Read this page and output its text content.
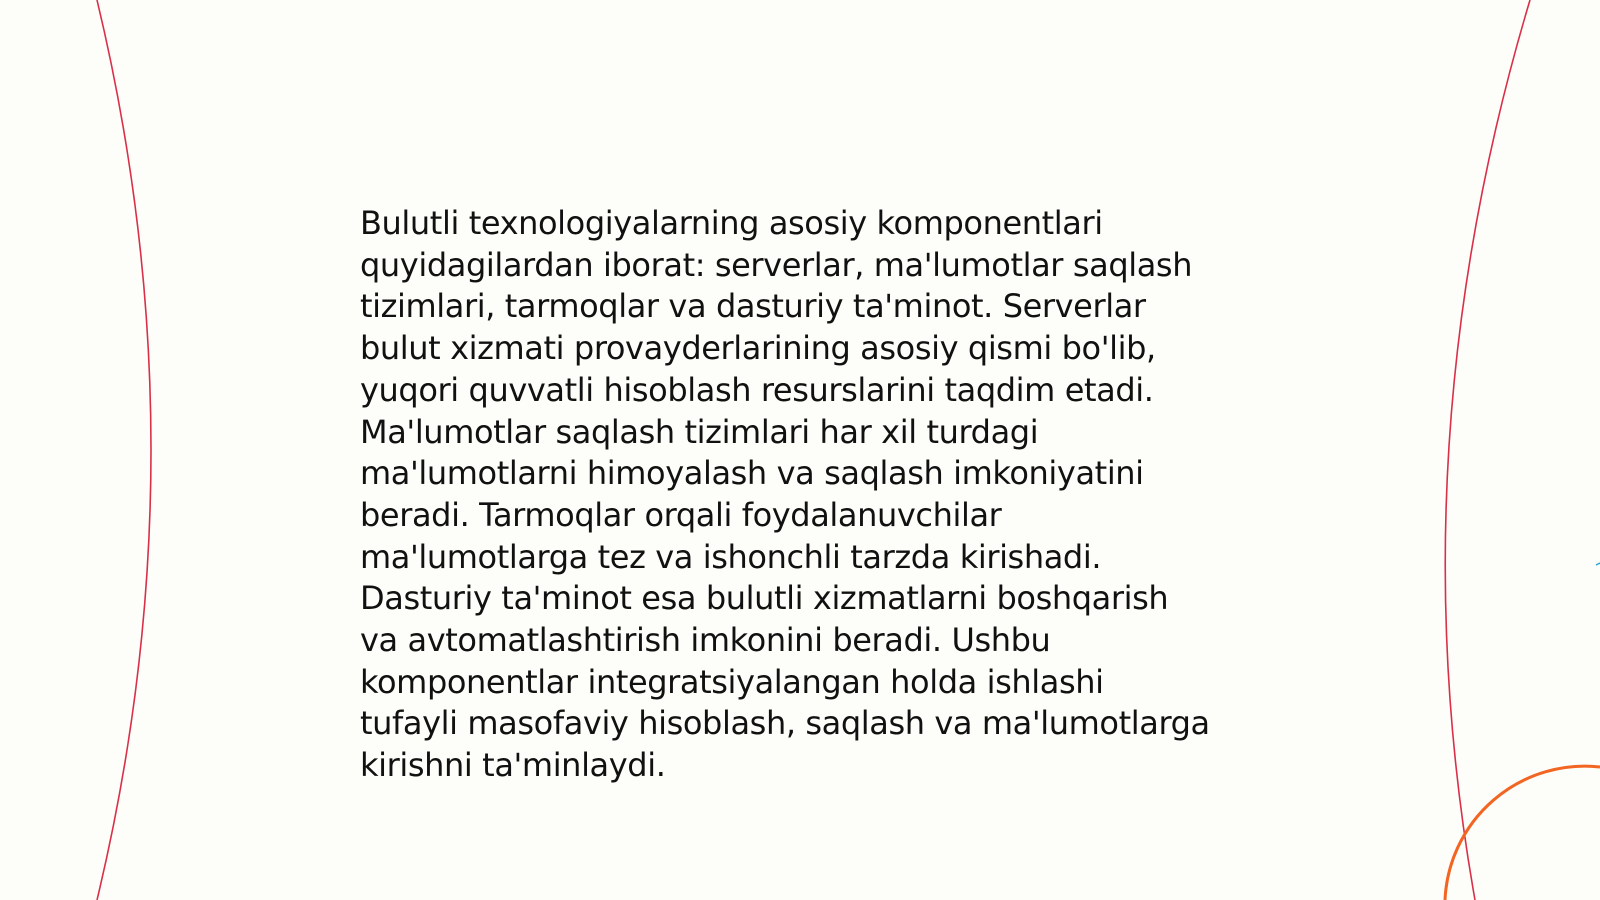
Bulutli texnologiyalarning asosiy komponentlari
quyidagilardan iborat: serverlar, ma'lumotlar saqlash
tizimlari, tarmoqlar va dasturiy ta'minot. Serverlar
bulut xizmati provayderlarining asosiy qismi bo'lib,
yuqori quvvatli hisoblash resurslarini taqdim etadi.
Ma'lumotlar saqlash tizimlari har xil turdagi
ma'lumotlarni himoyalash va saqlash imkoniyatini
beradi. Tarmoqlar orqali foydalanuvchilar
ma'lumotlarga tez va ishonchli tarzda kirishadi.
Dasturiy ta'minot esa bulutli xizmatlarni boshqarish
va avtomatlashtirish imkonini beradi. Ushbu
komponentlar integratsiyalangan holda ishlashi
tufayli masofaviy hisoblash, saqlash va ma'lumotlarga
kirishni ta'minlaydi.
